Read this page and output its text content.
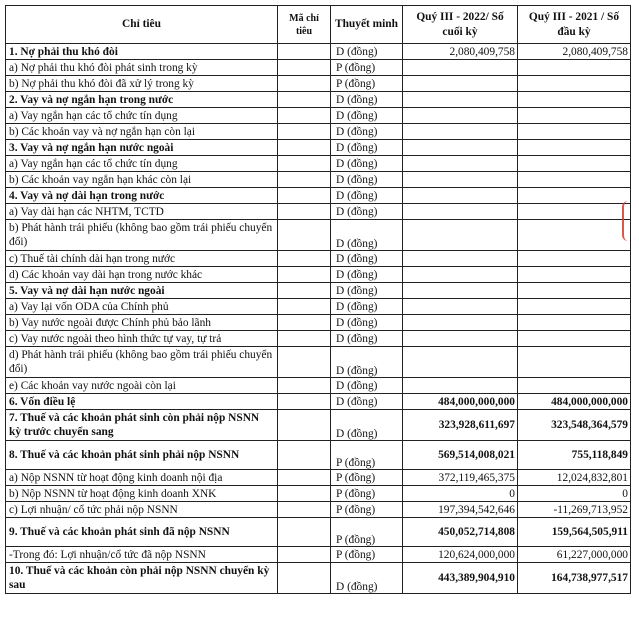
Chỉ tiêu	Mã chỉ tiêu	Thuyết minh	Quý III - 2022/ Số cuối kỳ	Quý III - 2021 / Số đầu kỳ
1. Nợ phải thu khó đòi		D (đồng)	2,080,409,758	2,080,409,758
a) Nợ phải thu khó đòi phát sinh trong kỳ		P (đồng)		
b) Nợ phải thu khó đòi đã xử lý trong kỳ		P (đồng)		
2. Vay và nợ ngắn hạn trong nước		D (đồng)		
a) Vay ngắn hạn các tổ chức tín dụng		D (đồng)		
b) Các khoản vay và nợ ngắn hạn còn lại		D (đồng)		
3. Vay và nợ ngắn hạn nước ngoài		D (đồng)		
a) Vay ngắn hạn các tổ chức tín dụng		D (đồng)		
b) Các khoản vay ngắn hạn khác còn lại		D (đồng)		
4. Vay và nợ dài hạn trong nước		D (đồng)		
a) Vay dài hạn các NHTM, TCTD		D (đồng)		
b) Phát hành trái phiếu (không bao gồm trái phiếu chuyển đổi)		D (đồng)		
c) Thuế tài chính dài hạn trong nước		D (đồng)		
d) Các khoản vay dài hạn trong nước khác		D (đồng)		
5. Vay và nợ dài hạn nước ngoài		D (đồng)		
a) Vay lại vốn ODA của Chính phủ		D (đồng)		
b) Vay nước ngoài được Chính phủ bảo lãnh		D (đồng)		
c) Vay nước ngoài theo hình thức tự vay, tự trả		D (đồng)		
d) Phát hành trái phiếu (không bao gồm trái phiếu chuyển đổi)		D (đồng)		
e) Các khoản vay nước ngoài còn lại		D (đồng)		
6. Vốn điều lệ		D (đồng)	484,000,000,000	484,000,000,000
7. Thuế và các khoản phát sinh còn phải nộp NSNN kỳ trước chuyển sang		D (đồng)	323,928,611,697	323,548,364,579
8. Thuế và các khoản phát sinh phải nộp NSNN		P (đồng)	569,514,008,021	755,118,849
a) Nộp NSNN từ hoạt động kinh doanh nội địa		P (đồng)	372,119,465,375	12,024,832,801
b) Nộp NSNN từ hoạt động kinh doanh XNK		P (đồng)	0	0
c) Lợi nhuận/ cổ tức phải nộp NSNN		P (đồng)	197,394,542,646	-11,269,713,952
9. Thuế và các khoản phát sinh đã nộp NSNN		P (đồng)	450,052,714,808	159,564,505,911
-Trong đó: Lợi nhuận/cổ tức đã nộp NSNN		P (đồng)	120,624,000,000	61,227,000,000
10. Thuế và các khoản còn phải nộp NSNN chuyển kỳ sau		D (đồng)	443,389,904,910	164,738,977,517
